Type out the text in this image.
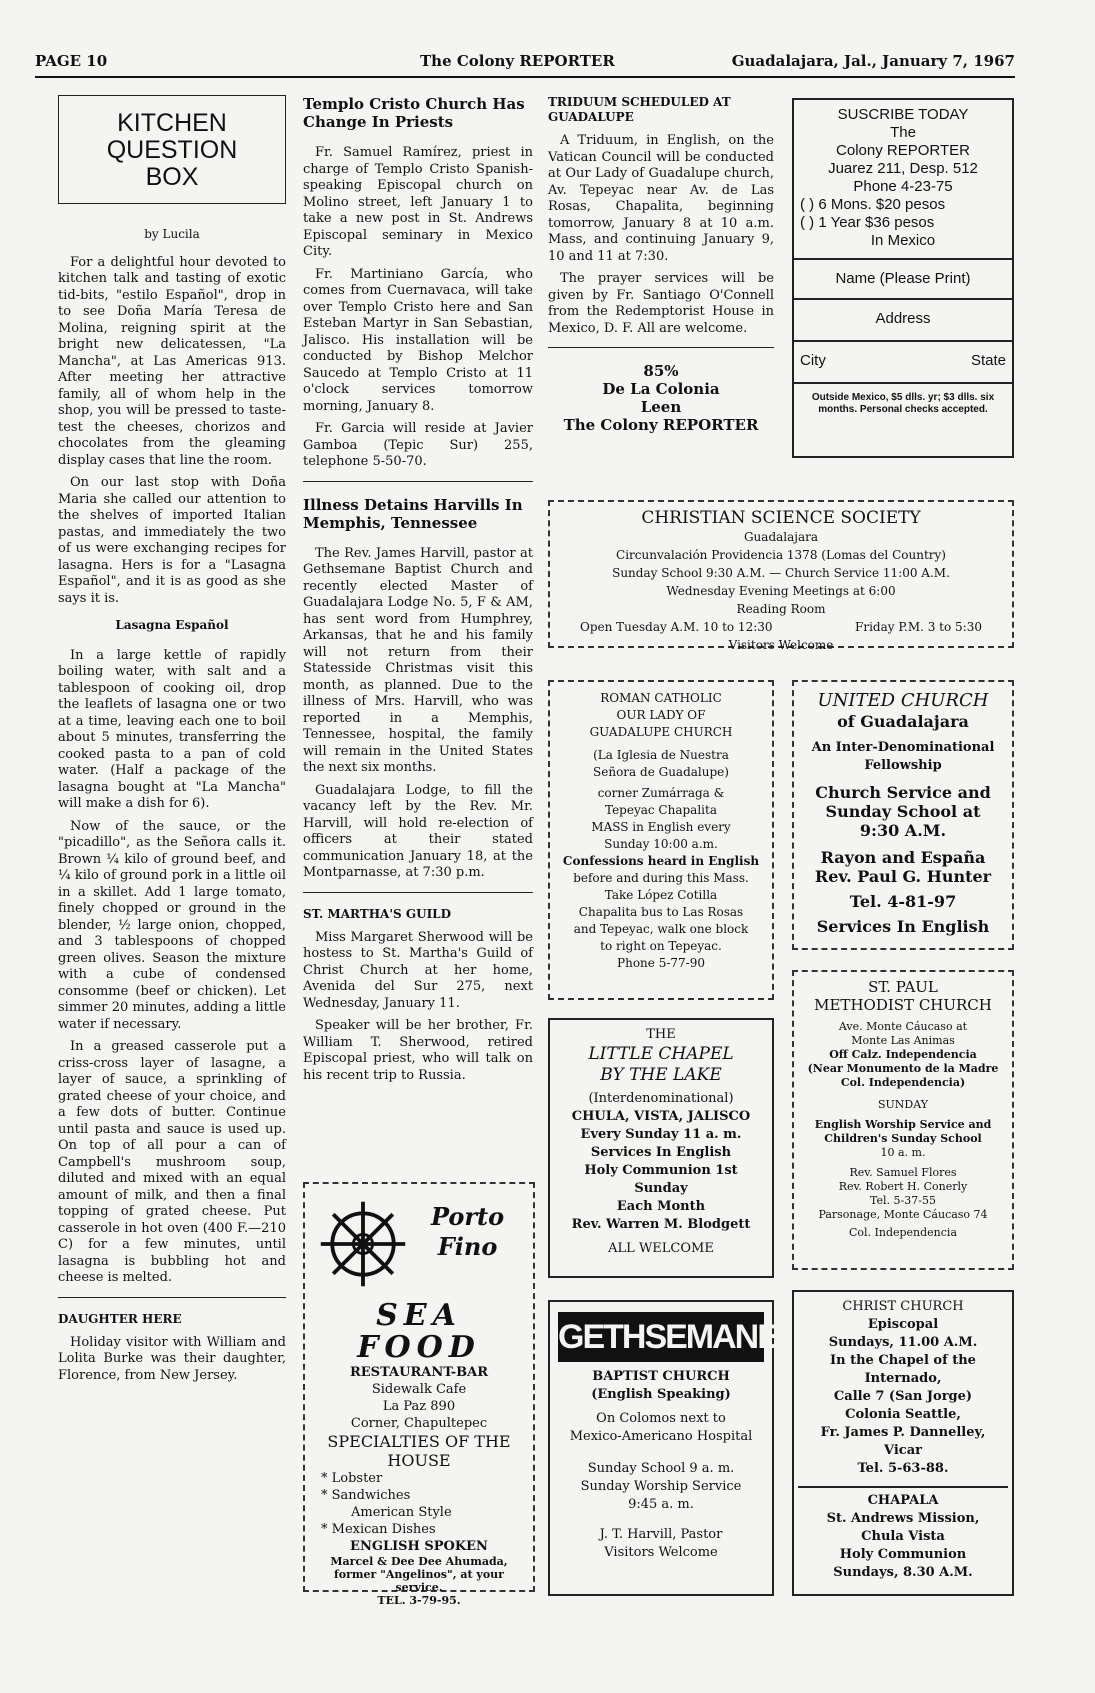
PAGE 10	The Colony REPORTER	Guadalajara, Jal., January 7, 1967
KITCHEN
QUESTION
BOX
by Lucila

For a delightful hour devoted to kitchen talk and tasting of exotic tid-bits, "estilo Español", drop in to see Doña María Teresa de Molina, reigning spirit at the bright new delicatessen, "La Mancha", at Las Americas 913. After meeting her attractive family, all of whom help in the shop, you will be pressed to taste-test the cheeses, chorizos and chocolates from the gleaming display cases that line the room.

On our last stop with Doña Maria she called our attention to the shelves of imported Italian pastas, and immediately the two of us were exchanging recipes for lasagna. Hers is for a "Lasagna Español", and it is as good as she says it is.

Lasagna Español

In a large kettle of rapidly boiling water, with salt and a tablespoon of cooking oil, drop the leaflets of lasagna one or two at a time, leaving each one to boil about 5 minutes, transferring the cooked pasta to a pan of cold water. (Half a package of the lasagna bought at "La Mancha" will make a dish for 6).

Now of the sauce, or the "picadillo", as the Señora calls it. Brown ¼ kilo of ground beef, and ¼ kilo of ground pork in a little oil in a skillet. Add 1 large tomato, finely chopped or ground in the blender, ½ large onion, chopped, and 3 tablespoons of chopped green olives. Season the mixture with a cube of condensed consomme (beef or chicken). Let simmer 20 minutes, adding a little water if necessary.

In a greased casserole put a criss-cross layer of lasagne, a layer of sauce, a sprinkling of grated cheese of your choice, and a few dots of butter. Continue until pasta and sauce is used up. On top of all pour a can of Campbell's mushroom soup, diluted and mixed with an equal amount of milk, and then a final topping of grated cheese. Put casserole in hot oven (400 F.—210 C) for a few minutes, until lasagna is bubbling hot and cheese is melted.

DAUGHTER HERE

Holiday visitor with William and Lolita Burke was their daughter, Florence, from New Jersey.

Templo Cristo Church Has Change In Priests

Fr. Samuel Ramírez, priest in charge of Templo Cristo Spanish-speaking Episcopal church on Molino street, left January 1 to take a new post in St. Andrews Episcopal seminary in Mexico City.

Fr. Martiniano García, who comes from Cuernavaca, will take over Templo Cristo here and San Esteban Martyr in San Sebastian, Jalisco. His installation will be conducted by Bishop Melchor Saucedo at Templo Cristo at 11 o'clock services tomorrow morning, January 8.

Fr. Garcia will reside at Javier Gamboa (Tepic Sur) 255, telephone 5-50-70.

Illness Detains Harvills In Memphis, Tennessee

The Rev. James Harvill, pastor at Gethsemane Baptist Church and recently elected Master of Guadalajara Lodge No. 5, F & AM, has sent word from Humphrey, Arkansas, that he and his family will not return from their Statesside Christmas visit this month, as planned. Due to the illness of Mrs. Harvill, who was reported in a Memphis, Tennessee, hospital, the family will remain in the United States the next six months.

Guadalajara Lodge, to fill the vacancy left by the Rev. Mr. Harvill, will hold re-election of officers at their stated communication January 18, at the Montparnasse, at 7:30 p.m.

ST. MARTHA'S GUILD

Miss Margaret Sherwood will be hostess to St. Martha's Guild of Christ Church at her home, Avenida del Sur 275, next Wednesday, January 11.

Speaker will be her brother, Fr. William T. Sherwood, retired Episcopal priest, who will talk on his recent trip to Russia.

Porto
Fino
SEA
FOOD
RESTAURANT-BAR
Sidewalk Cafe
La Paz 890
Corner, Chapultepec
SPECIALTIES OF THE
HOUSE
* Lobster
* Sandwiches
American Style
* Mexican Dishes
ENGLISH SPOKEN
Marcel & Dee Dee Ahumada, former "Angelinos", at your service.
TEL. 3-79-95.
TRIDUUM SCHEDULED AT GUADALUPE

A Triduum, in English, on the Vatican Council will be conducted at Our Lady of Guadalupe church, Av. Tepeyac near Av. de Las Rosas, Chapalita, beginning tomorrow, January 8 at 10 a.m. Mass, and continuing January 9, 10 and 11 at 7:30.

The prayer services will be given by Fr. Santiago O'Connell from the Redemptorist House in Mexico, D. F. All are welcome.

85%
De La Colonia
Leen
The Colony REPORTER
SUSCRIBE TODAY
The
Colony REPORTER
Juarez 211, Desp. 512
Phone 4-23-75
( ) 6 Mons. $20 pesos
( ) 1 Year $36 pesos
In Mexico
Name (Please Print)
Address
City	State
Outside Mexico, $5 dlls. yr; $3 dlls. six months. Personal checks accepted.
CHRISTIAN SCIENCE SOCIETY
Guadalajara
Circunvalación Providencia 1378 (Lomas del Country)
Sunday School 9:30 A.M. — Church Service 11:00 A.M.
Wednesday Evening Meetings at 6:00
Reading Room
Open Tuesday A.M. 10 to 12:30	Friday P.M. 3 to 5:30
Visitors Welcome
ROMAN CATHOLIC
OUR LADY OF
GUADALUPE CHURCH
(La Iglesia de Nuestra
Señora de Guadalupe)
corner Zumárraga &
Tepeyac Chapalita
MASS in English every
Sunday 10:00 a.m.
Confessions heard in English
before and during this Mass.
Take López Cotilla
Chapalita bus to Las Rosas
and Tepeyac, walk one block
to right on Tepeyac.
Phone 5-77-90
UNITED CHURCH
of Guadalajara
An Inter-Denominational
Fellowship
Church Service and
Sunday School at
9:30 A.M.
Rayon and España
Rev. Paul G. Hunter
Tel. 4-81-97
Services In English
THE
LITTLE CHAPEL
BY THE LAKE
(Interdenominational)
CHULA, VISTA, JALISCO
Every Sunday 11 a. m.
Services In English
Holy Communion 1st
Sunday
Each Month
Rev. Warren M. Blodgett
ALL WELCOME
ST. PAUL
METHODIST CHURCH
Ave. Monte Cáucaso at
Monte Las Animas
Off Calz. Independencia
(Near Monumento de la Madre
Col. Independencia)
SUNDAY
English Worship Service and
Children's Sunday School
10 a. m.
Rev. Samuel Flores
Rev. Robert H. Conerly
Tel. 5-37-55
Parsonage, Monte Cáucaso 74
Col. Independencia
GETHSEMANE
BAPTIST CHURCH
(English Speaking)
On Colomos next to
Mexico-Americano Hospital
Sunday School 9 a. m.
Sunday Worship Service
9:45 a. m.
J. T. Harvill, Pastor
Visitors Welcome
CHRIST CHURCH
Episcopal
Sundays, 11.00 A.M.
In the Chapel of the
Internado,
Calle 7 (San Jorge)
Colonia Seattle,
Fr. James P. Dannelley,
Vicar
Tel. 5-63-88.
CHAPALA
St. Andrews Mission,
Chula Vista
Holy Communion
Sundays, 8.30 A.M.
